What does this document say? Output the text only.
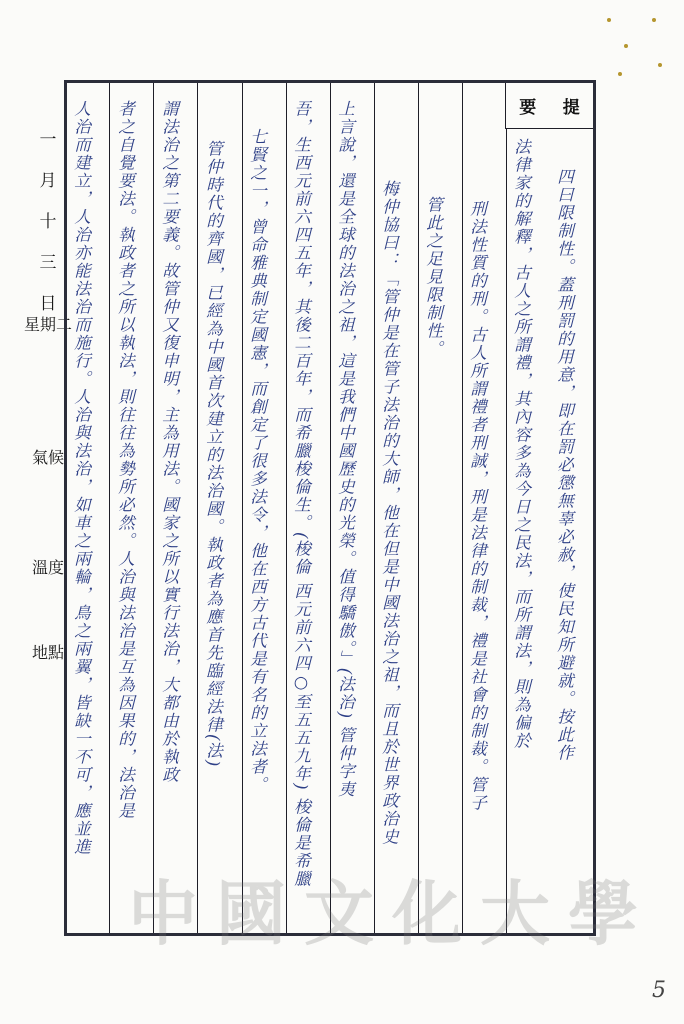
一
月
十
三
日
星期二
氣候
溫度
地點
要 提
四曰限制性。蓋刑罰的用意，即在罰必懲無辜必赦，使民知所避就。按此作
法律家的解釋，古人之所謂禮，其內容多為今日之民法，而所謂法，則為偏於
刑法性質的刑。古人所謂禮者刑誠，刑是法律的制裁，禮是社會的制裁。管子
管此之足見限制性。
梅仲協曰：「管仲是在管子法治的大師，他在但是中國法治之祖，而且於世界政治史
上言說，還是全球的法治之祖，這是我們中國歷史的光榮。值得驕傲。」(法治) 管仲字夷
吾，生西元前六四五年，其後二百年，而希臘梭倫生。(梭倫 西元前六四○至五五九年) 梭倫是希臘
七賢之一，曾命雅典制定國憲，而創定了很多法令，他在西方古代是有名的立法者。
管仲時代的齊國，已經為中國首次建立的法治國。執政者為應首先臨經法律(法)
謂法治之第二要義。故管仲又復申明，主為用法。國家之所以實行法治，大都由於執政
者之自覺要法。執政者之所以執法，則往往為勢所必然。人治與法治是互為因果的，法治是
人治而建立，人治亦能法治而施行。人治與法治，如車之兩輪，鳥之兩翼，皆缺一不可，應並進
中國文化大學
5
